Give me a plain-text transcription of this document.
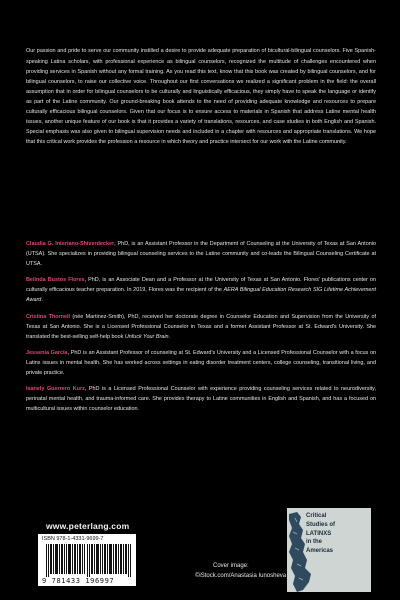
Our passion and pride to serve our community instilled a desire to provide adequate preparation of bicultural-bilingual counselors. Five Spanish-speaking Latina scholars, with professional experience as bilingual counselors, recognized the multitude of challenges encountered when providing services in Spanish without any formal training. As you read this text, know that this book was created by bilingual counselors, and for bilingual counselors, to raise our collective voice. Throughout our first conversations we realized a significant problem in the field: the overall assumption that in order for bilingual counselors to be culturally and linguistically efficacious, they simply have to speak the language or identify as part of the Latine community. Our ground-breaking book attends to the need of providing adequate knowledge and resources to prepare culturally efficacious bilingual counselors. Given that our focus is to ensure access to materials in Spanish that address Latine mental health issues, another unique feature of our book is that it provides a variety of translations, resources, and case studies in both English and Spanish. Special emphasis was also given to bilingual supervision needs and included in a chapter with resources and appropriate translations. We hope that this critical work provides the profession a resource in which theory and practice intersect for our work with the Latine community.

Claudia G. Interiano-Shiverdecker, PhD, is an Assistant Professor in the Department of Counseling at the University of Texas at San Antonio (UTSA). She specializes in providing bilingual counseling services to the Latine community and co-leads the Bilingual Counseling Certificate at UTSA.

Belinda Bustos Flores, PhD, is an Associate Dean and a Professor at the University of Texas at San Antonio. Flores' publications center on culturally efficacious teacher preparation. In 2019, Flores was the recipient of the AERA Bilingual Education Research SIG Lifetime Achievement Award.

Cristina Thornell (née Martinez-Smith), PhD, received her doctorate degree in Counselor Education and Supervision from the University of Texas at San Antonio. She is a Licensed Professional Counselor in Texas and a former Assistant Professor at St. Edward's University. She translated the best-selling self-help book Unfuck Your Brain.

Jessenia Garcia, PhD is an Assistant Professor of counseling at St. Edward's University and a Licensed Professional Counselor with a focus on Latinx issues in mental health. She has worked across settings in eating disorder treatment centers, college counseling, transitional living, and private practice.

Isanely Guerrero Kurz, PhD is a Licensed Professional Counselor with experience providing counseling services related to neurodiversity, perinatal mental health, and trauma-informed care. She provides therapy to Latine communities in English and Spanish, and has a focused on multicultural issues within counselor education.

www.peterlang.com
ISBN 978-1-4331-9699-7
9 781433 196997
Cover image:
©iStock.com/Anastasia Iunosheva
Critical
Studies of
LATINXS
in the
Americas
